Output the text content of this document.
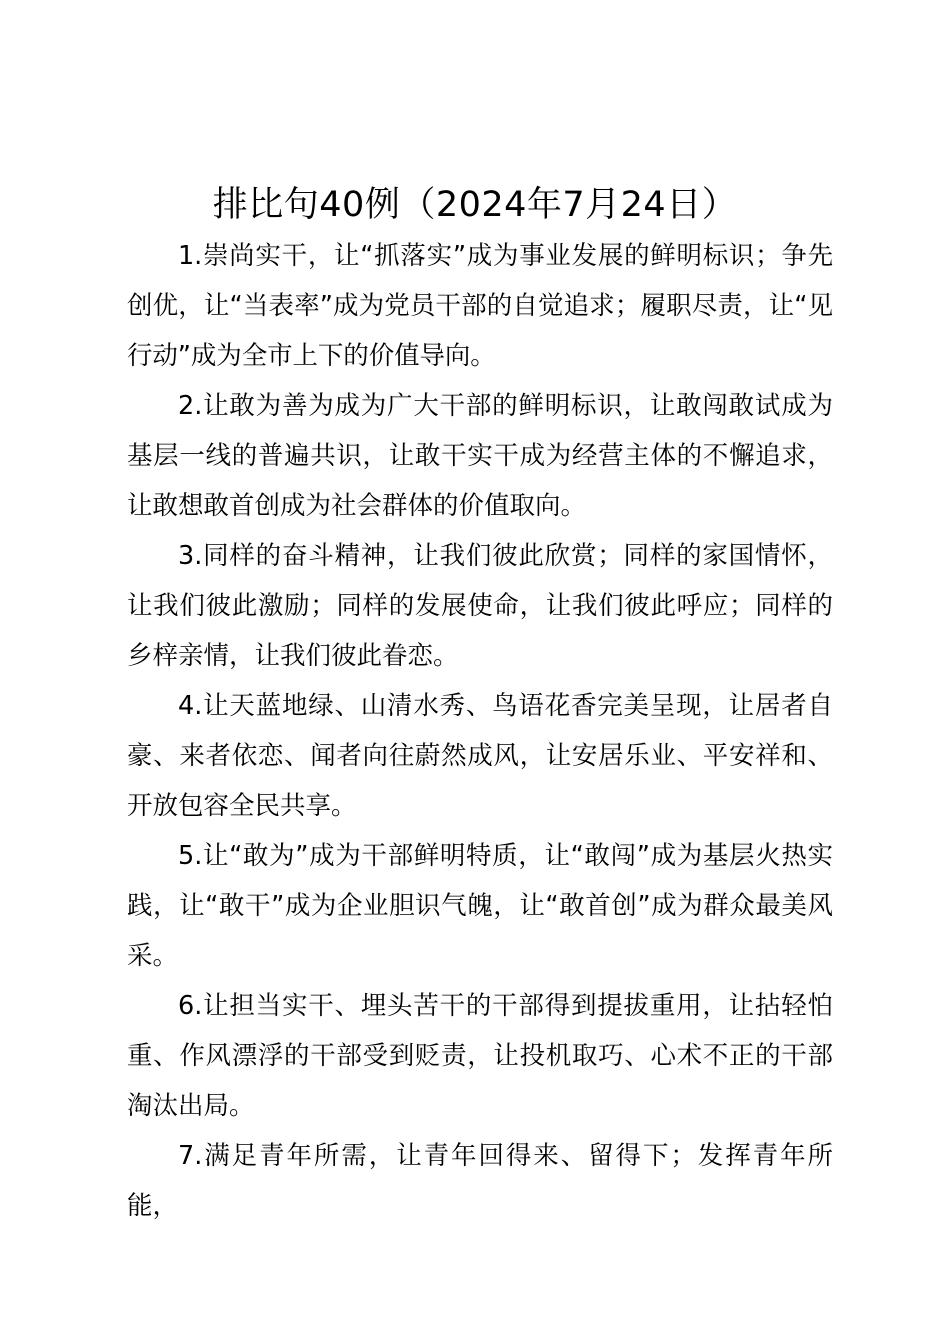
排比句40例（2024年7月24日）

1.崇尚实干，让“抓落实”成为事业发展的鲜明标识；争先创优，让“当表率”成为党员干部的自觉追求；履职尽责，让“见行动”成为全市上下的价值导向。

2.让敢为善为成为广大干部的鲜明标识，让敢闯敢试成为基层一线的普遍共识，让敢干实干成为经营主体的不懈追求，让敢想敢首创成为社会群体的价值取向。

3.同样的奋斗精神，让我们彼此欣赏；同样的家国情怀，让我们彼此激励；同样的发展使命，让我们彼此呼应；同样的乡梓亲情，让我们彼此眷恋。

4.让天蓝地绿、山清水秀、鸟语花香完美呈现，让居者自豪、来者依恋、闻者向往蔚然成风，让安居乐业、平安祥和、开放包容全民共享。

5.让“敢为”成为干部鲜明特质，让“敢闯”成为基层火热实践，让“敢干”成为企业胆识气魄，让“敢首创”成为群众最美风采。

6.让担当实干、埋头苦干的干部得到提拔重用，让拈轻怕重、作风漂浮的干部受到贬责，让投机取巧、心术不正的干部淘汰出局。

7.满足青年所需，让青年回得来、留得下；发挥青年所能，
